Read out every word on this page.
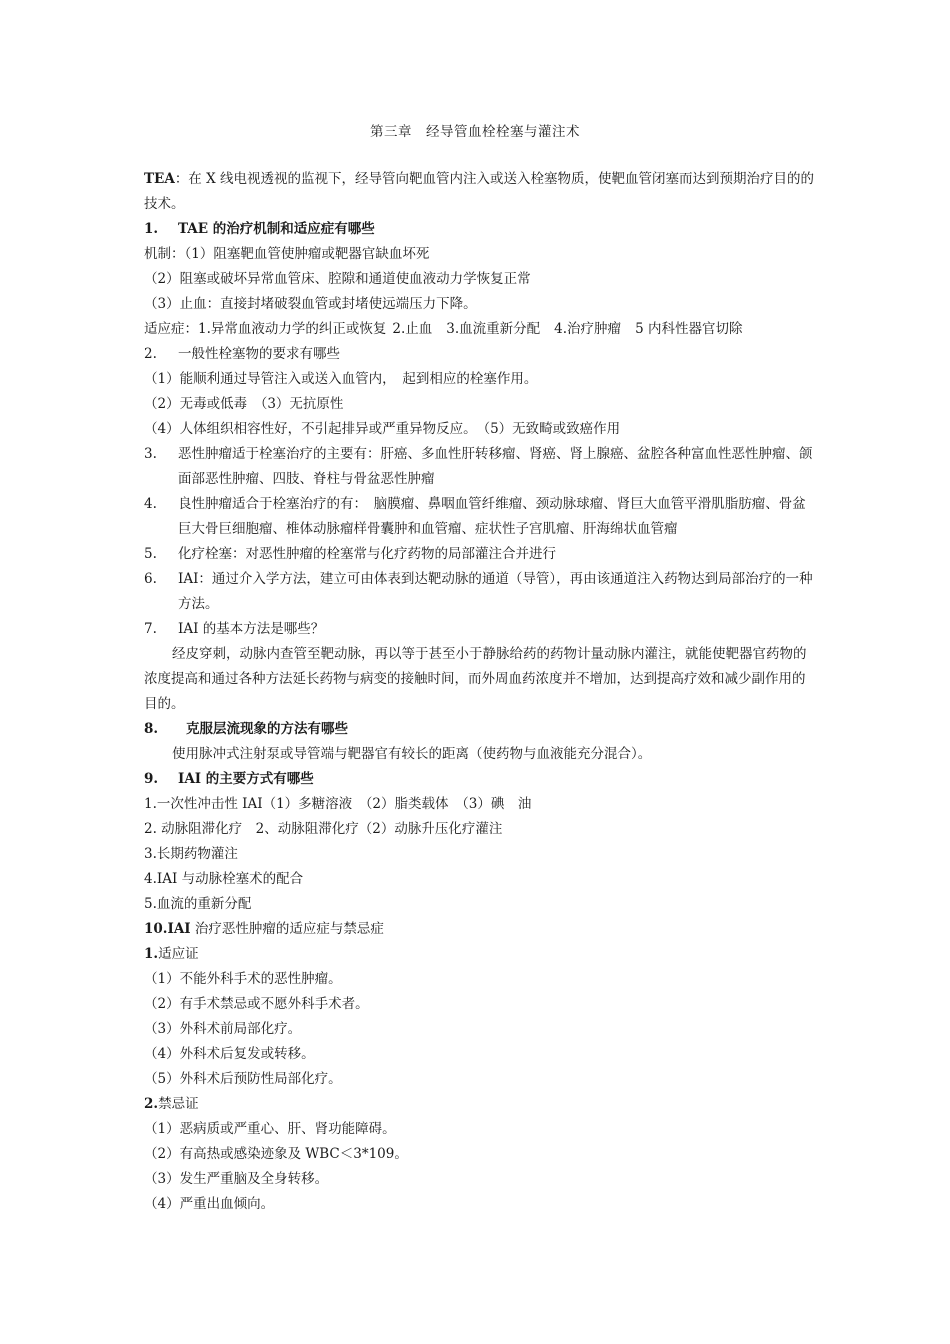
第三章　经导管血栓栓塞与灌注术
TEA：在 X 线电视透视的监视下，经导管向靶血管内注入或送入栓塞物质，使靶血管闭塞而达到预期治疗目的的技术。
1. TAE 的治疗机制和适应症有哪些
机制：（1）阻塞靶血管使肿瘤或靶器官缺血坏死
（2）阻塞或破坏异常血管床、腔隙和通道使血液动力学恢复正常
（3）止血：直接封堵破裂血管或封堵使远端压力下降。
适应症：1.异常血液动力学的纠正或恢复 2.止血 3.血流重新分配 4.治疗肿瘤 5 内科性器官切除
2. 一般性栓塞物的要求有哪些
（1）能顺利通过导管注入或送入血管内，　起到相应的栓塞作用。
（2）无毒或低毒　（3）无抗原性
（4）人体组织相容性好，不引起排异或严重异物反应。　（5）无致畸或致癌作用
3.	恶性肿瘤适于栓塞治疗的主要有：肝癌、多血性肝转移瘤、肾癌、肾上腺癌、盆腔各种富血性恶性肿瘤、颌面部恶性肿瘤、四肢、脊柱与骨盆恶性肿瘤
4.	良性肿瘤适合于栓塞治疗的有：　脑膜瘤、鼻咽血管纤维瘤、颈动脉球瘤、肾巨大血管平滑肌脂肪瘤、骨盆巨大骨巨细胞瘤、椎体动脉瘤样骨囊肿和血管瘤、症状性子宫肌瘤、肝海绵状血管瘤
5.	化疗栓塞：对恶性肿瘤的栓塞常与化疗药物的局部灌注合并进行
6.	IAI：通过介入学方法，建立可由体表到达靶动脉的通道（导管），再由该通道注入药物达到局部治疗的一种方法。
7. IAI 的基本方法是哪些？
经皮穿刺，动脉内查管至靶动脉，再以等于甚至小于静脉给药的药物计量动脉内灌注，就能使靶器官药物的浓度提高和通过各种方法延长药物与病变的接触时间，而外周血药浓度并不增加，达到提高疗效和减少副作用的目的。
8. 克服层流现象的方法有哪些
使用脉冲式注射泵或导管端与靶器官有较长的距离（使药物与血液能充分混合）。
9. IAI 的主要方式有哪些
1.一次性冲击性 IAI（1）多糖溶液　（2）脂类载体　（3）碘　油
2. 动脉阻滞化疗　2、动脉阻滞化疗（2）动脉升压化疗灌注
3.长期药物灌注
4.IAI 与动脉栓塞术的配合
5.血流的重新分配
10.IAI 治疗恶性肿瘤的适应症与禁忌症
1.适应证
（1）不能外科手术的恶性肿瘤。
（2）有手术禁忌或不愿外科手术者。
（3）外科术前局部化疗。
（4）外科术后复发或转移。
（5）外科术后预防性局部化疗。
2.禁忌证
（1）恶病质或严重心、肝、肾功能障碍。
（2）有高热或感染迹象及 WBC＜3*109。
（3）发生严重脑及全身转移。
（4）严重出血倾向。
